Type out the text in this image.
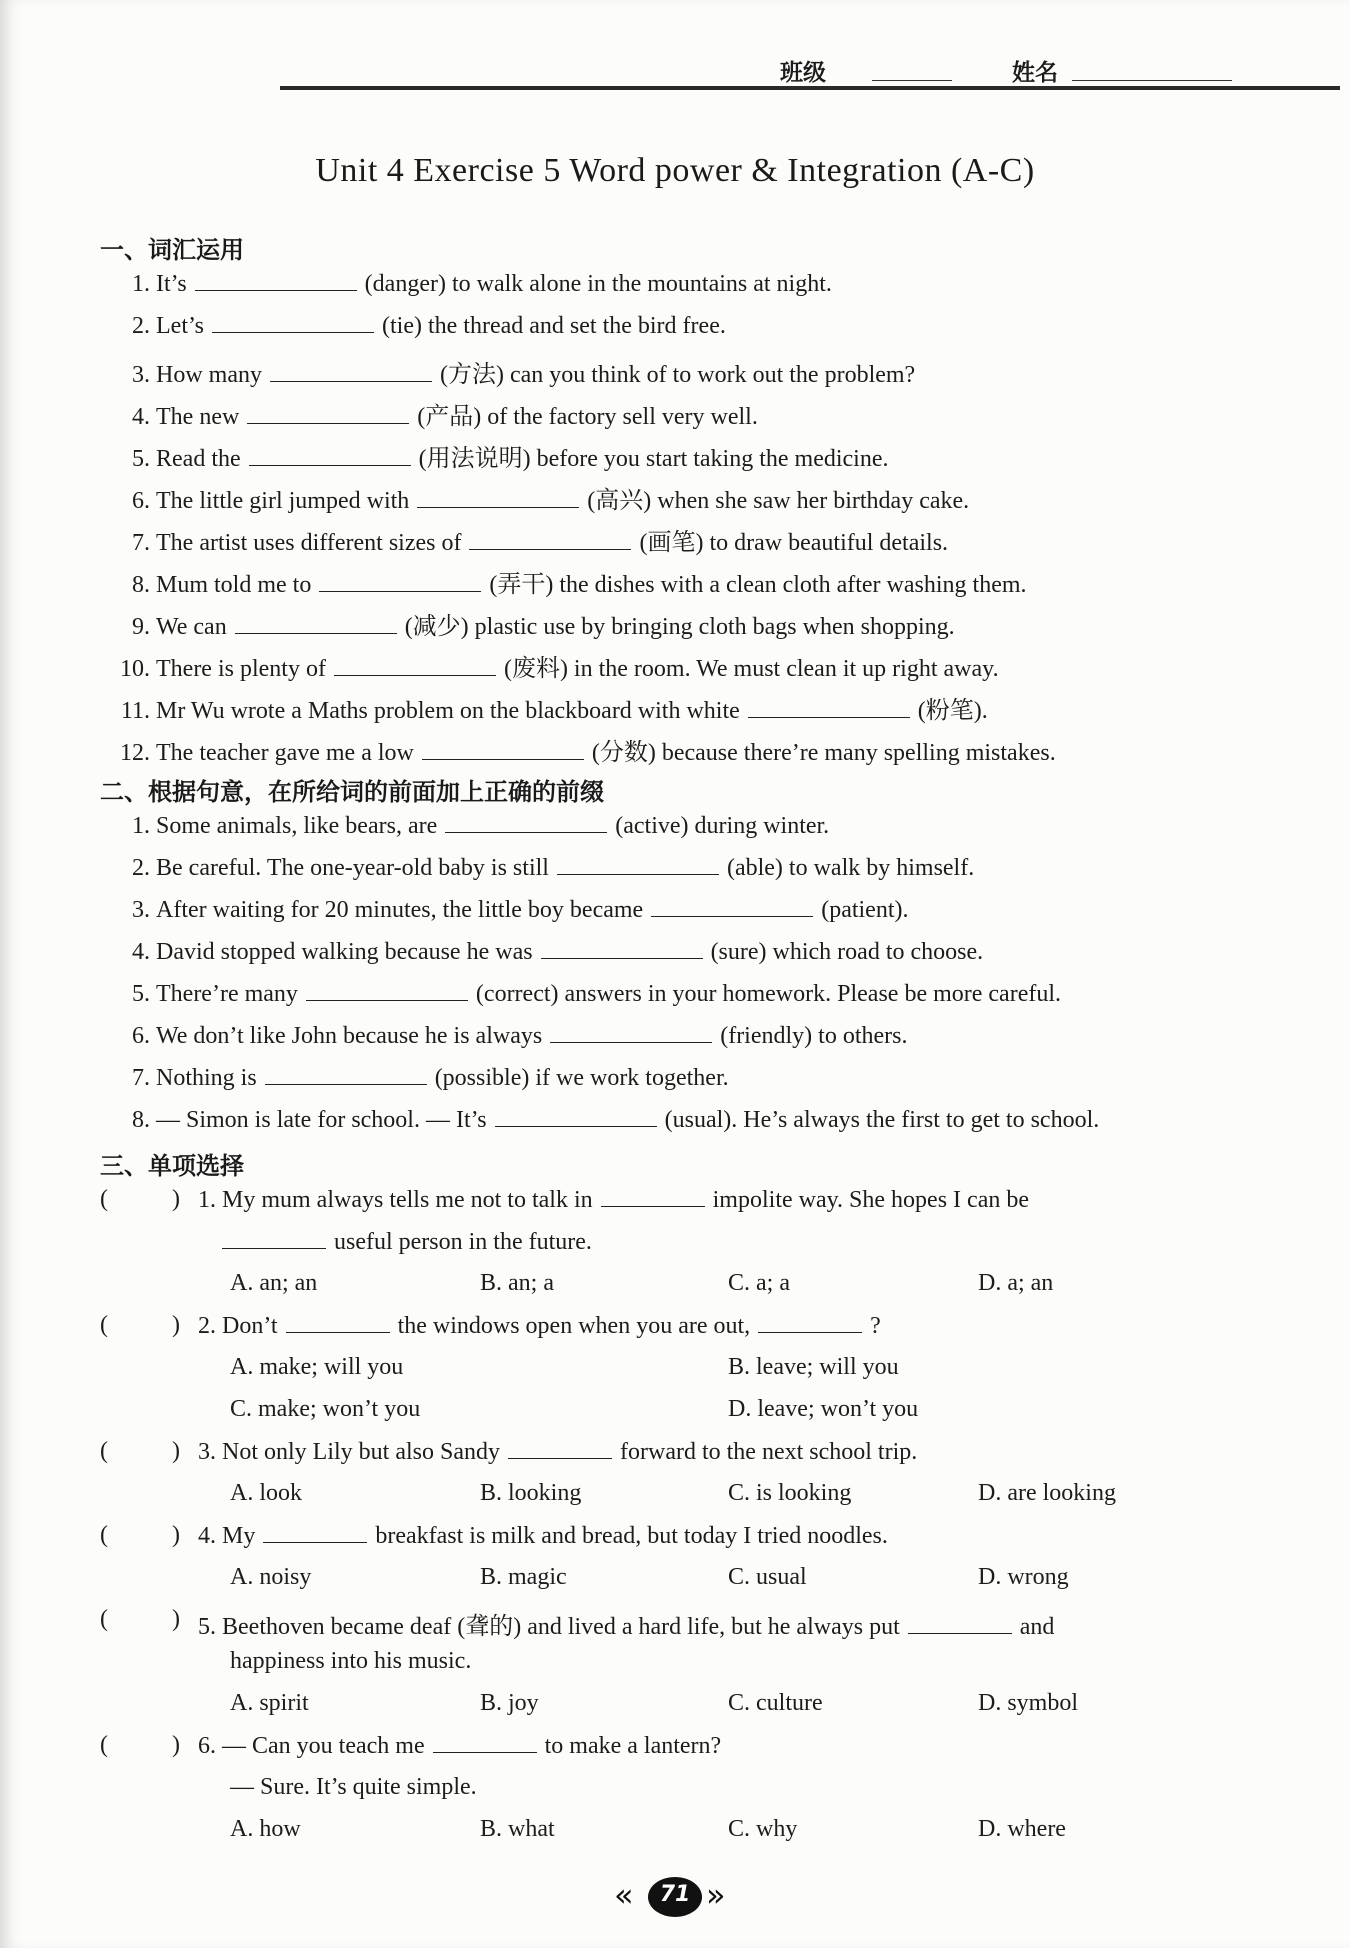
班级	姓名
Unit 4 Exercise 5 Word power & Integration (A-C)
一、词汇运用
1. It’s	(danger) to walk alone in the mountains at night.
2. Let’s	(tie) the thread and set the bird free.
3. How many	(方法) can you think of to work out the problem?
4. The new	(产品) of the factory sell very well.
5. Read the	(用法说明) before you start taking the medicine.
6. The little girl jumped with	(高兴) when she saw her birthday cake.
7. The artist uses different sizes of	(画笔) to draw beautiful details.
8. Mum told me to	(弄干) the dishes with a clean cloth after washing them.
9. We can	(减少) plastic use by bringing cloth bags when shopping.
10. There is plenty of	(废料) in the room. We must clean it up right away.
11. Mr Wu wrote a Maths problem on the blackboard with white	(粉笔).
12. The teacher gave me a low	(分数) because there’re many spelling mistakes.
二、根据句意，在所给词的前面加上正确的前缀
1. Some animals, like bears, are	(active) during winter.
2. Be careful. The one-year-old baby is still	(able) to walk by himself.
3. After waiting for 20 minutes, the little boy became	(patient).
4. David stopped walking because he was	(sure) which road to choose.
5. There’re many	(correct) answers in your homework. Please be more careful.
6. We don’t like John because he is always	(friendly) to others.
7. Nothing is	(possible) if we work together.
8. — Simon is late for school. — It’s	(usual). He’s always the first to get to school.
三、单项选择
(	) 1. My mum always tells me not to talk in	impolite way. She hopes I can be
useful person in the future.
A. an; an	B. an; a	C. a; a	D. a; an
(	) 2. Don’t	the windows open when you are out,	?
A. make; will you	B. leave; will you
C. make; won’t you	D. leave; won’t you
(	) 3. Not only Lily but also Sandy	forward to the next school trip.
A. look	B. looking	C. is looking	D. are looking
(	) 4. My	breakfast is milk and bread, but today I tried noodles.
A. noisy	B. magic	C. usual	D. wrong
(	) 5. Beethoven became deaf (聋的) and lived a hard life, but he always put	and
happiness into his music.
A. spirit	B. joy	C. culture	D. symbol
(	) 6. — Can you teach me	to make a lantern?
— Sure. It’s quite simple.
A. how	B. what	C. why	D. where
«	71 »
